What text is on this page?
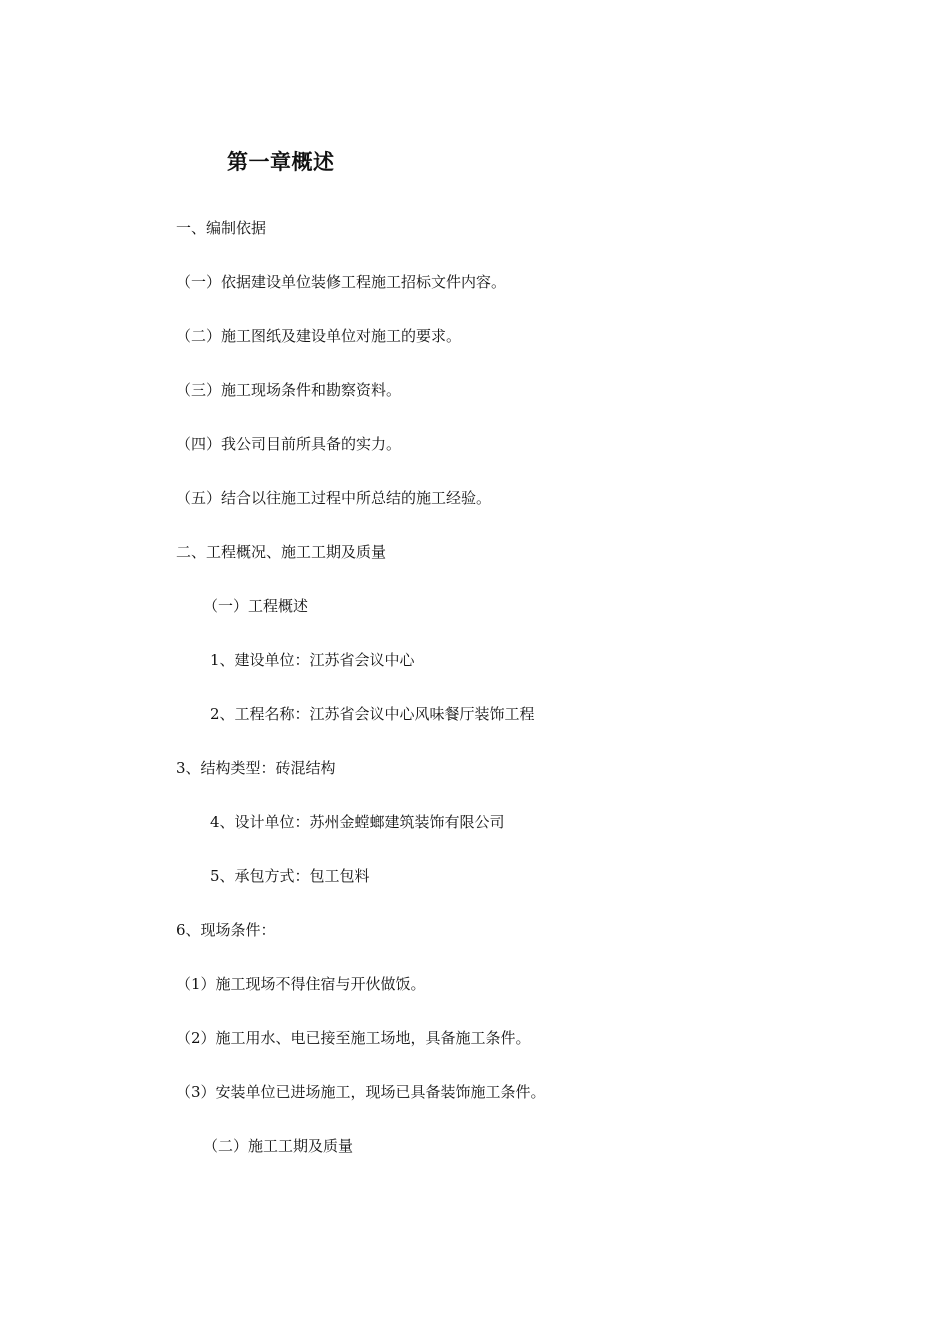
第一章概述
一、编制依据
（一）依据建设单位装修工程施工招标文件内容。
（二）施工图纸及建设单位对施工的要求。
（三）施工现场条件和勘察资料。
（四）我公司目前所具备的实力。
（五）结合以往施工过程中所总结的施工经验。
二、工程概况、施工工期及质量
（一）工程概述
1、建设单位：江苏省会议中心
2、工程名称：江苏省会议中心风味餐厅装饰工程
3、结构类型：砖混结构
4、设计单位：苏州金螳螂建筑装饰有限公司
5、承包方式：包工包料
6、现场条件：
（1）施工现场不得住宿与开伙做饭。
（2）施工用水、电已接至施工场地，具备施工条件。
（3）安装单位已进场施工，现场已具备装饰施工条件。
（二）施工工期及质量
